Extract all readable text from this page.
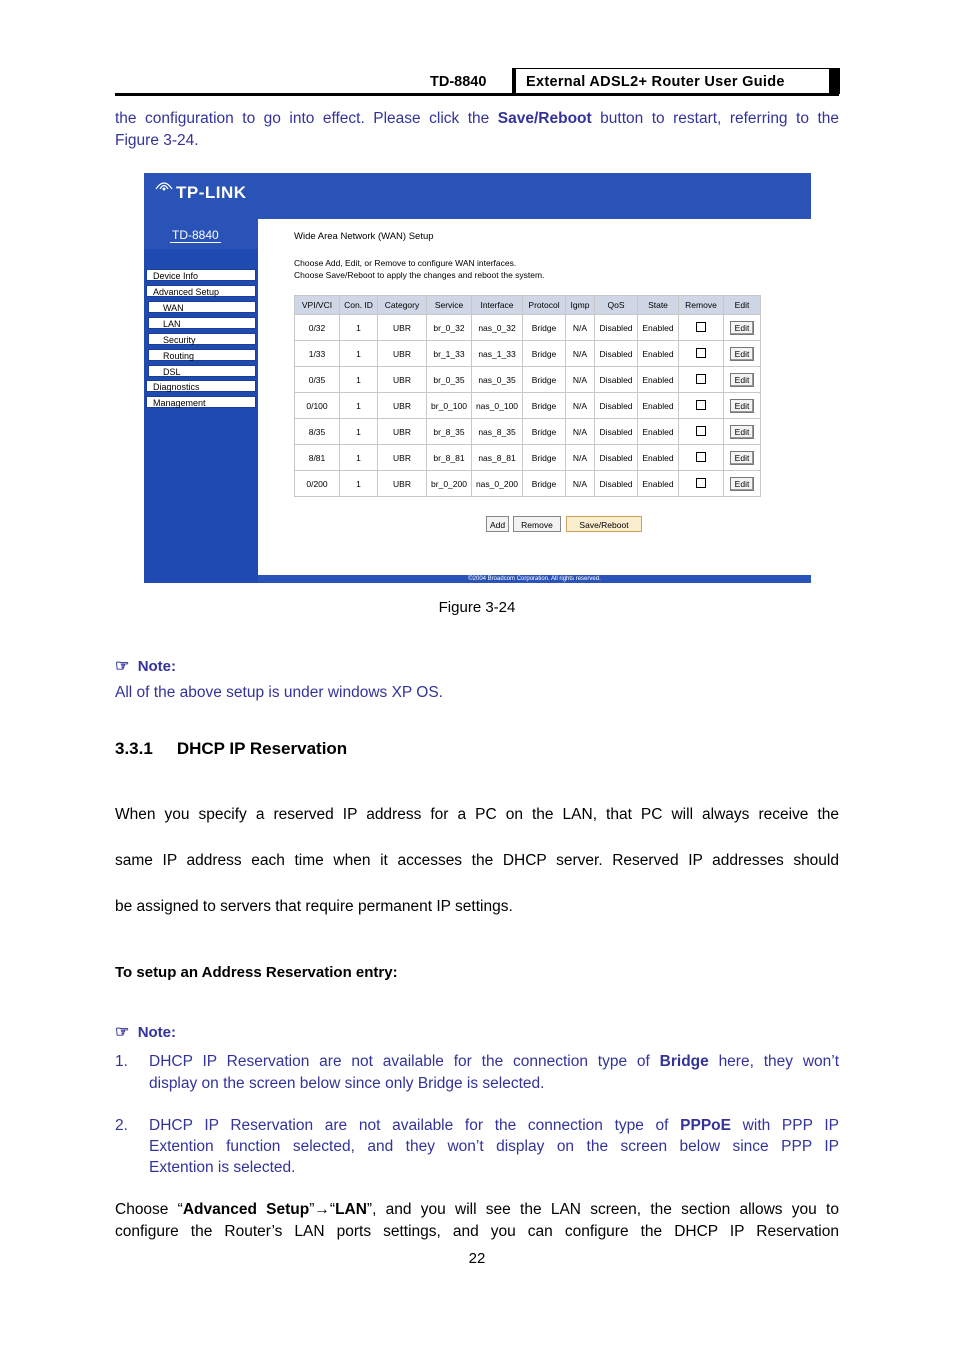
TD-8840	External ADSL2+ Router User Guide
the configuration to go into effect. Please click the Save/Reboot button to restart, referring to the
Figure 3-24.
TP-LINK
TD-8840
Device Info
Advanced Setup
WAN
LAN
Security
Routing
DSL
Diagnostics
Management
Wide Area Network (WAN) Setup
Choose Add, Edit, or Remove to configure WAN interfaces.
Choose Save/Reboot to apply the changes and reboot the system.
VPI/VCI	Con. ID	Category	Service	Interface	Protocol	Igmp	QoS	State	Remove	Edit
0/32	1	UBR	br_0_32	nas_0_32	Bridge	N/A	Disabled	Enabled		Edit
1/33	1	UBR	br_1_33	nas_1_33	Bridge	N/A	Disabled	Enabled		Edit
0/35	1	UBR	br_0_35	nas_0_35	Bridge	N/A	Disabled	Enabled		Edit
0/100	1	UBR	br_0_100	nas_0_100	Bridge	N/A	Disabled	Enabled		Edit
8/35	1	UBR	br_8_35	nas_8_35	Bridge	N/A	Disabled	Enabled		Edit
8/81	1	UBR	br_8_81	nas_8_81	Bridge	N/A	Disabled	Enabled		Edit
0/200	1	UBR	br_0_200	nas_0_200	Bridge	N/A	Disabled	Enabled		Edit
Add	Remove	Save/Reboot
©2004 Broadcom Corporation. All rights reserved.
Figure 3-24
☞ Note:
All of the above setup is under windows XP OS.
3.3.1 DHCP IP Reservation
When you specify a reserved IP address for a PC on the LAN, that PC will always receive the
same IP address each time when it accesses the DHCP server. Reserved IP addresses should
be assigned to servers that require permanent IP settings.
To setup an Address Reservation entry:
☞ Note:
1. DHCP IP Reservation are not available for the connection type of Bridge here, they won’t
display on the screen below since only Bridge is selected.
2. DHCP IP Reservation are not available for the connection type of PPPoE with PPP IP
Extention function selected, and they won’t display on the screen below since PPP IP
Extention is selected.
Choose “Advanced Setup”→“LAN”, and you will see the LAN screen, the section allows you to
configure the Router’s LAN ports settings, and you can configure the DHCP IP Reservation
22
